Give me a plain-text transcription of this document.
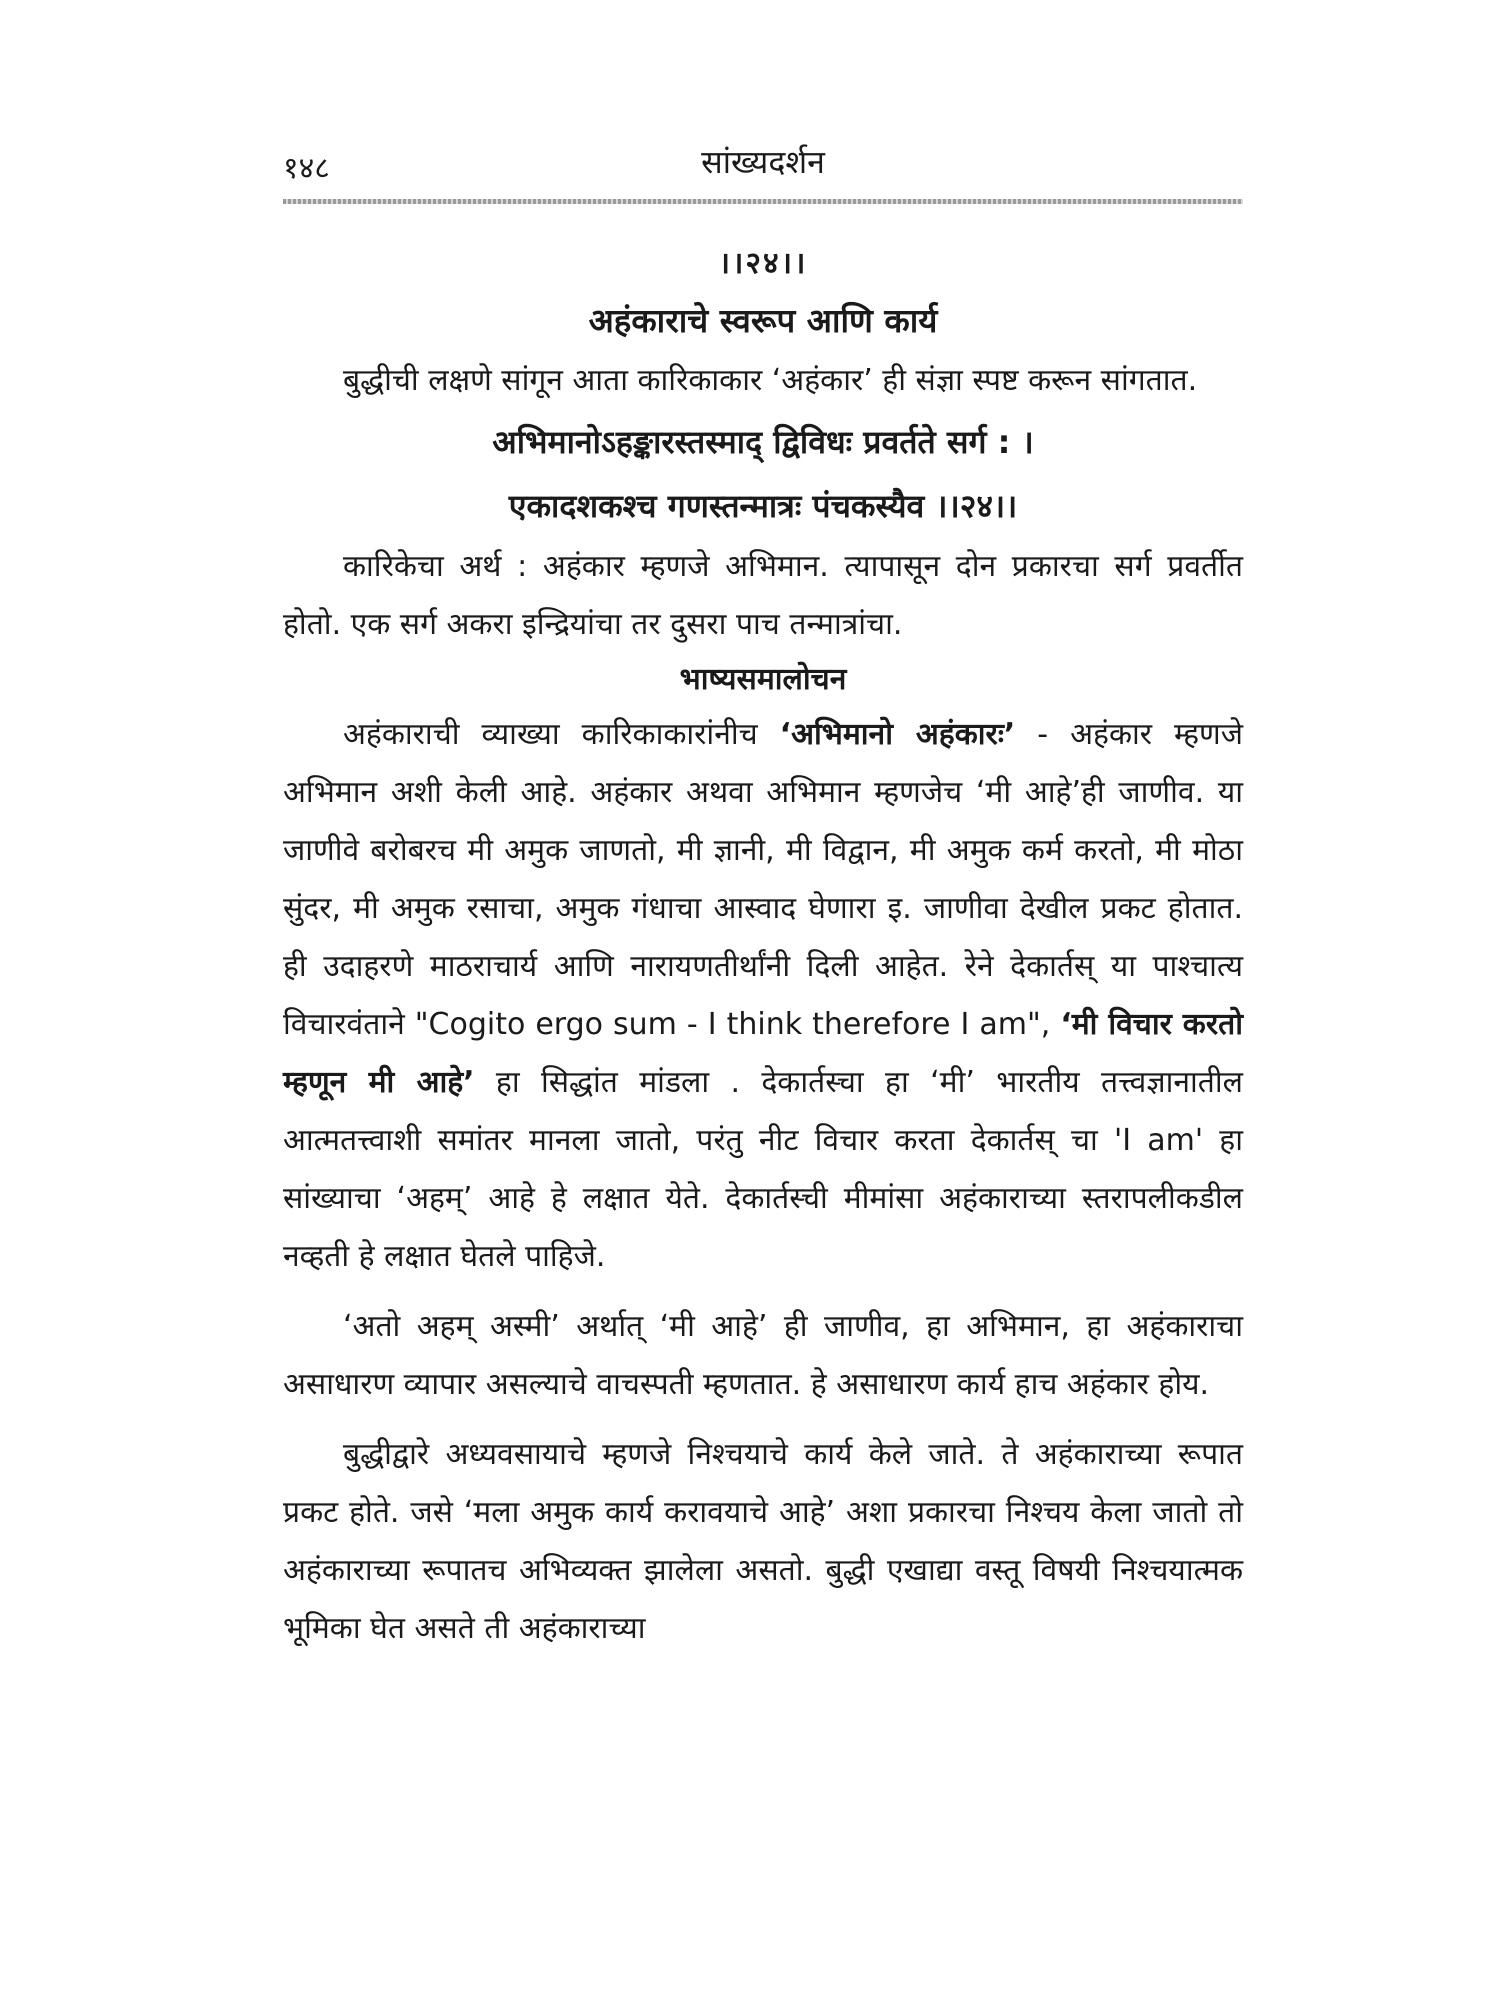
१४८	सांख्यदर्शन
।।२४।।
अहंकाराचे स्वरूप आणि कार्य

बुद्धीची लक्षणे सांगून आता कारिकाकार ‘अहंकार’ ही संज्ञा स्पष्ट करून सांगतात.

अभिमानोऽहङ्कारस्तस्माद् द्विविधः प्रवर्तते सर्ग : ।
एकादशकश्च गणस्तन्मात्रः पंचकस्यैव ।।२४।।

कारिकेचा अर्थ : अहंकार म्हणजे अभिमान. त्यापासून दोन प्रकारचा सर्ग प्रवर्तीत होतो. एक सर्ग अकरा इन्द्रियांचा तर दुसरा पाच तन्मात्रांचा.

भाष्यसमालोचन

अहंकाराची व्याख्या कारिकाकारांनीच ‘अभिमानो अहंकारः’ - अहंकार म्हणजे अभिमान अशी केली आहे. अहंकार अथवा अभिमान म्हणजेच ‘मी आहे’ही जाणीव. या जाणीवे बरोबरच मी अमुक जाणतो, मी ज्ञानी, मी विद्वान, मी अमुक कर्म करतो, मी मोठा सुंदर, मी अमुक रसाचा, अमुक गंधाचा आस्वाद घेणारा इ. जाणीवा देखील प्रकट होतात. ही उदाहरणे माठराचार्य आणि नारायणतीर्थांनी दिली आहेत. रेने देकार्तस् या पाश्चात्य विचारवंताने "Cogito ergo sum - I think therefore I am", ‘मी विचार करतो म्हणून मी आहे’ हा सिद्धांत मांडला . देकार्तस्चा हा ‘मी’ भारतीय तत्त्वज्ञानातील आत्मतत्त्वाशी समांतर मानला जातो, परंतु नीट विचार करता देकार्तस् चा 'I am' हा सांख्याचा ‘अहम्’ आहे हे लक्षात येते. देकार्तस्ची मीमांसा अहंकाराच्या स्तरापलीकडील नव्हती हे लक्षात घेतले पाहिजे.

‘अतो अहम् अस्मी’ अर्थात् ‘मी आहे’ ही जाणीव, हा अभिमान, हा अहंकाराचा असाधारण व्यापार असल्याचे वाचस्पती म्हणतात. हे असाधारण कार्य हाच अहंकार होय.

बुद्धीद्वारे अध्यवसायाचे म्हणजे निश्चयाचे कार्य केले जाते. ते अहंकाराच्या रूपात प्रकट होते. जसे ‘मला अमुक कार्य करावयाचे आहे’ अशा प्रकारचा निश्चय केला जातो तो अहंकाराच्या रूपातच अभिव्यक्त झालेला असतो. बुद्धी एखाद्या वस्तू विषयी निश्चयात्मक भूमिका घेत असते ती अहंकाराच्या
